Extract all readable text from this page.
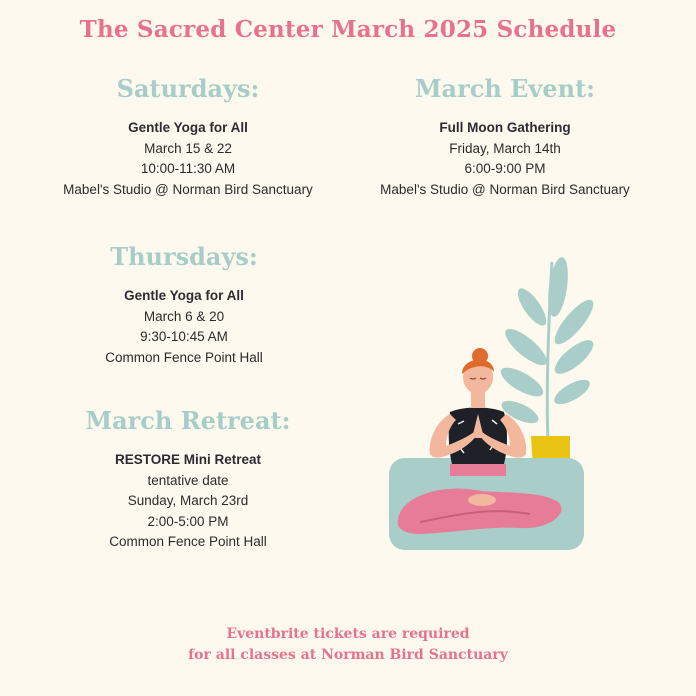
The Sacred Center March 2025 Schedule
Saturdays:
Gentle Yoga for All
March 15 & 22
10:00-11:30 AM
Mabel's Studio @ Norman Bird Sanctuary
March Event:
Full Moon Gathering
Friday, March 14th
6:00-9:00 PM
Mabel's Studio @ Norman Bird Sanctuary
Thursdays:
Gentle Yoga for All
March 6 & 20
9:30-10:45 AM
Common Fence Point Hall
March Retreat:
RESTORE Mini Retreat
tentative date
Sunday, March 23rd
2:00-5:00 PM
Common Fence Point Hall
Eventbrite tickets are required
for all classes at Norman Bird Sanctuary
